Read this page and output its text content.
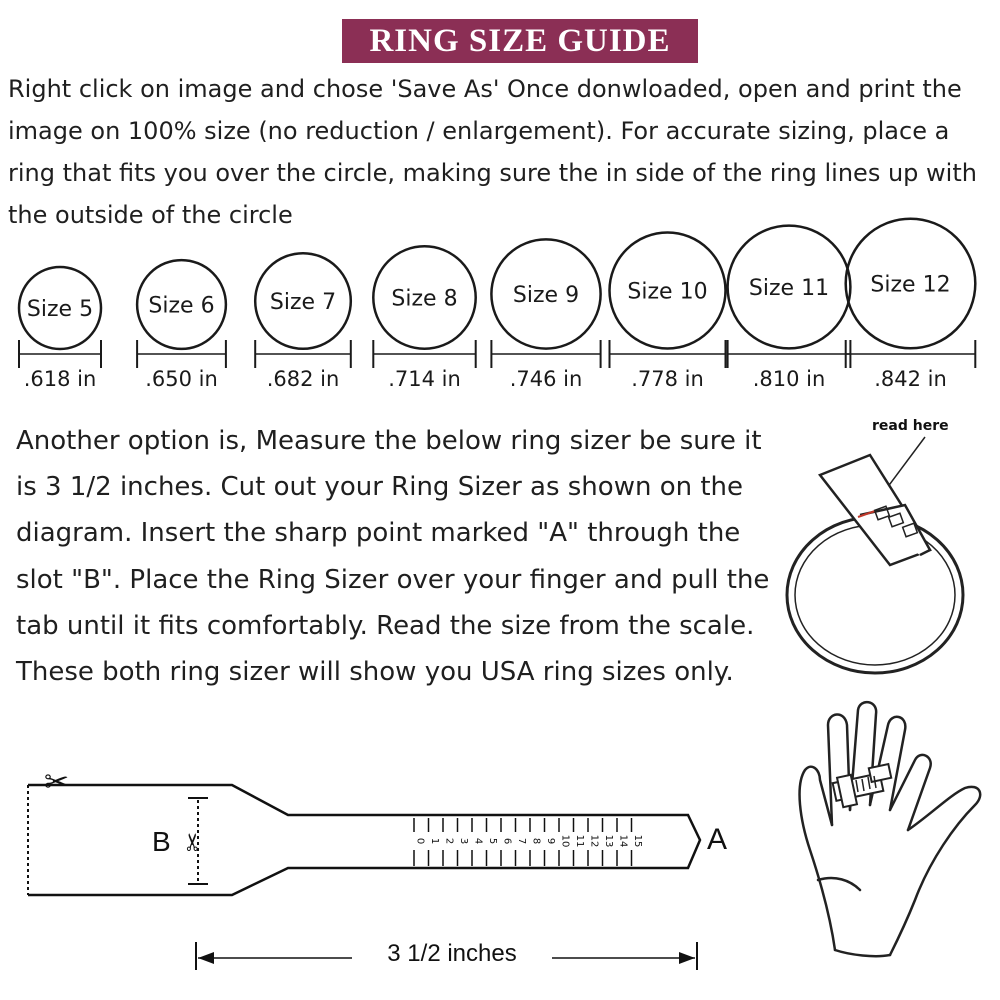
RING SIZE GUIDE

Right click on image and chose 'Save As' Once donwloaded, open and print the image on 100% size (no reduction / enlargement). For accurate sizing, place a ring that fits you over the circle, making sure the in side of the ring lines up with the outside of the circle

Size 5
.618 in
Size 6
.650 in
Size 7
.682 in
Size 8
.714 in
Size 9
.746 in
Size 10
.778 in
Size 11
.810 in
Size 12
.842 in

Another option is, Measure the below ring sizer be sure it is 3 1/2 inches. Cut out your Ring Sizer as shown on the diagram. Insert the sharp point marked "A" through the slot "B". Place the Ring Sizer over your finger and pull the tab until it fits comfortably. Read the size from the scale. These both ring sizer will show you USA ring sizes only.

read here
0 1 2 3 4 5 6 7 8 9 10 11 12 13 14 15
✂
✂
B	A
3 1/2 inches
